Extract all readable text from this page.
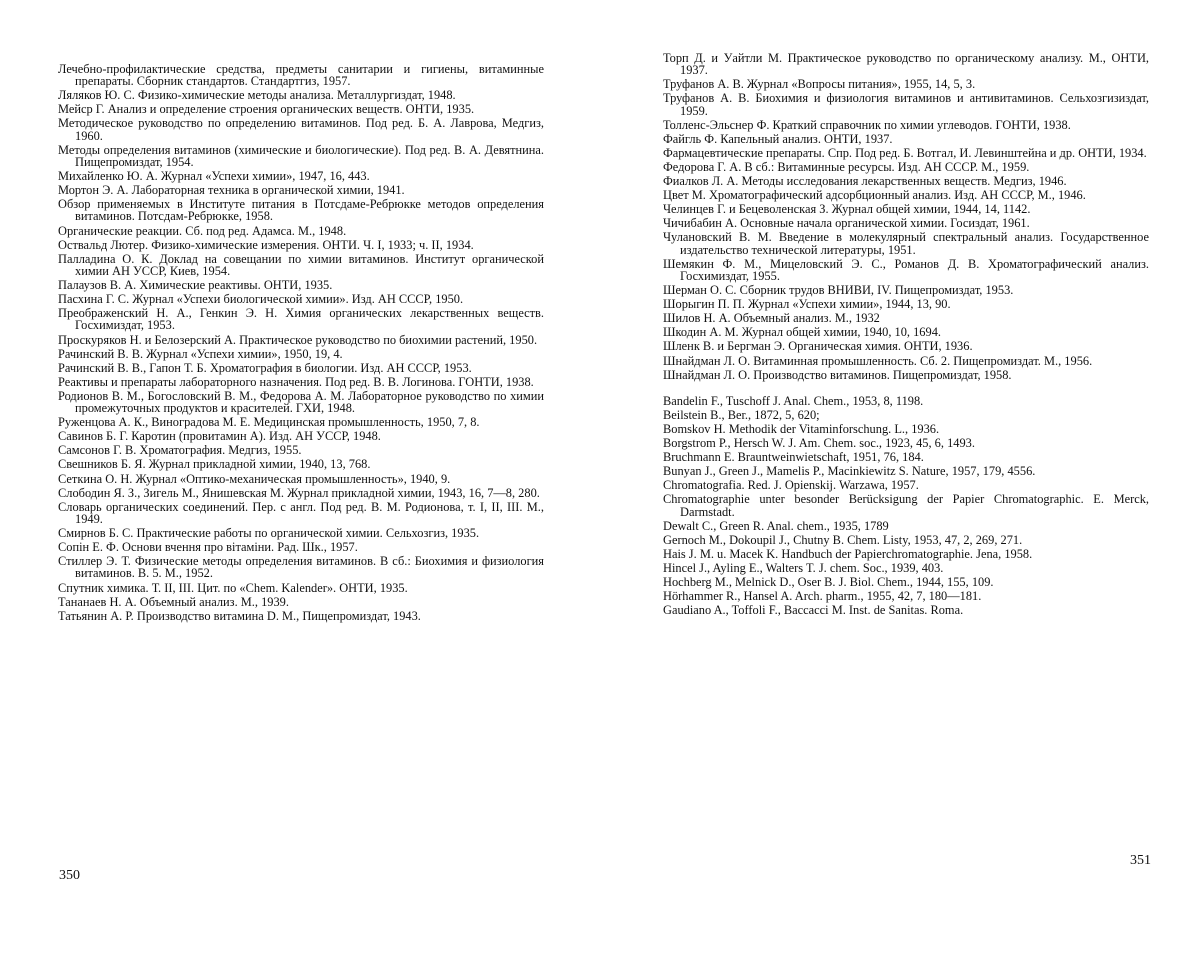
Лечебно-профилактические средства, предметы санитарии и гигиены, витаминные препараты. Сборник стандартов. Стандартгиз, 1957.

Ляляков Ю. С. Физико-химические методы анализа. Металлургиздат, 1948.

Мейср Г. Анализ и определение строения органических веществ. ОНТИ, 1935.

Методическое руководство по определению витаминов. Под ред. Б. А. Лаврова, Медгиз, 1960.

Методы определения витаминов (химические и биологические). Под ред. В. А. Девятнина. Пищепромиздат, 1954.

Михайленко Ю. А. Журнал «Успехи химии», 1947, 16, 443.

Мортон Э. А. Лабораторная техника в органической химии, 1941.

Обзор применяемых в Институте питания в Потсдаме-Ребрюкке методов определения витаминов. Потсдам-Ребрюкке, 1958.

Органические реакции. Сб. под ред. Адамса. М., 1948.

Оствальд Лютер. Физико-химические измерения. ОНТИ. Ч. I, 1933; ч. II, 1934.

Палладина О. К. Доклад на совещании по химии витаминов. Институт органической химии АН УССР, Киев, 1954.

Палаузов В. А. Химические реактивы. ОНТИ, 1935.

Пасхина Г. С. Журнал «Успехи биологической химии». Изд. АН СССР, 1950.

Преображенский Н. А., Генкин Э. Н. Химия органических лекарственных веществ. Госхимиздат, 1953.

Проскуряков Н. и Белозерский А. Практическое руководство по биохимии растений, 1950.

Рачинский В. В. Журнал «Успехи химии», 1950, 19, 4.

Рачинский В. В., Гапон Т. Б. Хроматография в биологии. Изд. АН СССР, 1953.

Реактивы и препараты лабораторного назначения. Под ред. В. В. Логинова. ГОНТИ, 1938.

Родионов В. М., Богословский В. М., Федорова А. М. Лабораторное руководство по химии промежуточных продуктов и красителей. ГХИ, 1948.

Руженцова А. К., Виноградова М. Е. Медицинская промышленность, 1950, 7, 8.

Савинов Б. Г. Каротин (провитамин А). Изд. АН УССР, 1948.

Самсонов Г. В. Хроматография. Медгиз, 1955.

Свешников Б. Я. Журнал прикладной химии, 1940, 13, 768.

Сеткина О. Н. Журнал «Оптико-механическая промышленность», 1940, 9.

Слободин Я. З., Зигель М., Янишевская М. Журнал прикладной химии, 1943, 16, 7—8, 280.

Словарь органических соединений. Пер. с англ. Под ред. В. М. Родионова, т. I, II, III. М., 1949.

Смирнов Б. С. Практические работы по органической химии. Сельхозгиз, 1935.

Сопін Е. Ф. Основи вчення про вітаміни. Рад. Шк., 1957.

Стиллер Э. Т. Физические методы определения витаминов. В сб.: Биохимия и физиология витаминов. В. 5. М., 1952.

Спутник химика. Т. II, III. Цит. по «Chem. Kalender». ОНТИ, 1935.

Тананаев Н. А. Объемный анализ. М., 1939.

Татьянин А. Р. Производство витамина D. М., Пищепромиздат, 1943.

350

Торп Д. и Уайтли М. Практическое руководство по органическому анализу. М., ОНТИ, 1937.

Труфанов А. В. Журнал «Вопросы питания», 1955, 14, 5, 3.

Труфанов А. В. Биохимия и физиология витаминов и антивитаминов. Сельхозгизиздат, 1959.

Толленс-Эльснер Ф. Краткий справочник по химии углеводов. ГОНТИ, 1938.

Файгль Ф. Капельный анализ. ОНТИ, 1937.

Фармацевтические препараты. Спр. Под ред. Б. Вотгал, И. Левинштейна и др. ОНТИ, 1934.

Федорова Г. А. В сб.: Витаминные ресурсы. Изд. АН СССР. М., 1959.

Фиалков Л. А. Методы исследования лекарственных веществ. Медгиз, 1946.

Цвет М. Хроматографический адсорбционный анализ. Изд. АН СССР, М., 1946.

Челинцев Г. и Бецеволенская З. Журнал общей химии, 1944, 14, 1142.

Чичибабин А. Основные начала органической химии. Госиздат, 1961.

Чулановский В. М. Введение в молекулярный спектральный анализ. Государственное издательство технической литературы, 1951.

Шемякин Ф. М., Мицеловский Э. С., Романов Д. В. Хроматографический анализ. Госхимиздат, 1955.

Шерман О. С. Сборник трудов ВНИВИ, IV. Пищепромиздат, 1953.

Шорыгин П. П. Журнал «Успехи химии», 1944, 13, 90.

Шилов Н. А. Объемный анализ. М., 1932

Шкодин А. М. Журнал общей химии, 1940, 10, 1694.

Шленк В. и Бергман Э. Органическая химия. ОНТИ, 1936.

Шнайдман Л. О. Витаминная промышленность. Сб. 2. Пищепромиздат. М., 1956.

Шнайдман Л. О. Производство витаминов. Пищепромиздат, 1958.

Bandelin F., Tuschoff J. Anal. Chem., 1953, 8, 1198.

Beilstein B., Ber., 1872, 5, 620;

Bomskov H. Methodik der Vitaminforschung. L., 1936.

Borgstrom P., Hersch W. J. Am. Chem. soc., 1923, 45, 6, 1493.

Bruchmann E. Brauntweinwietschaft, 1951, 76, 184.

Bunyan J., Green J., Mamelis P., Macinkiewitz S. Nature, 1957, 179, 4556.

Chromatografia. Red. J. Opienskij. Warzawa, 1957.

Chromatographie unter besonder Berücksigung der Papier Chromatographic. E. Merck, Darmstadt.

Dewalt C., Green R. Anal. chem., 1935, 1789

Gernoch M., Dokoupil J., Chutny B. Chem. Listy, 1953, 47, 2, 269, 271.

Hais J. M. u. Macek K. Handbuch der Papierchromatographie. Jena, 1958.

Hincel J., Ayling E., Walters T. J. chem. Soc., 1939, 403.

Hochberg M., Melnick D., Oser B. J. Biol. Chem., 1944, 155, 109.

Hörhammer R., Hansel A. Arch. pharm., 1955, 42, 7, 180—181.

Gaudiano A., Toffoli F., Baccacci M. Inst. de Sanitas. Roma.

351
